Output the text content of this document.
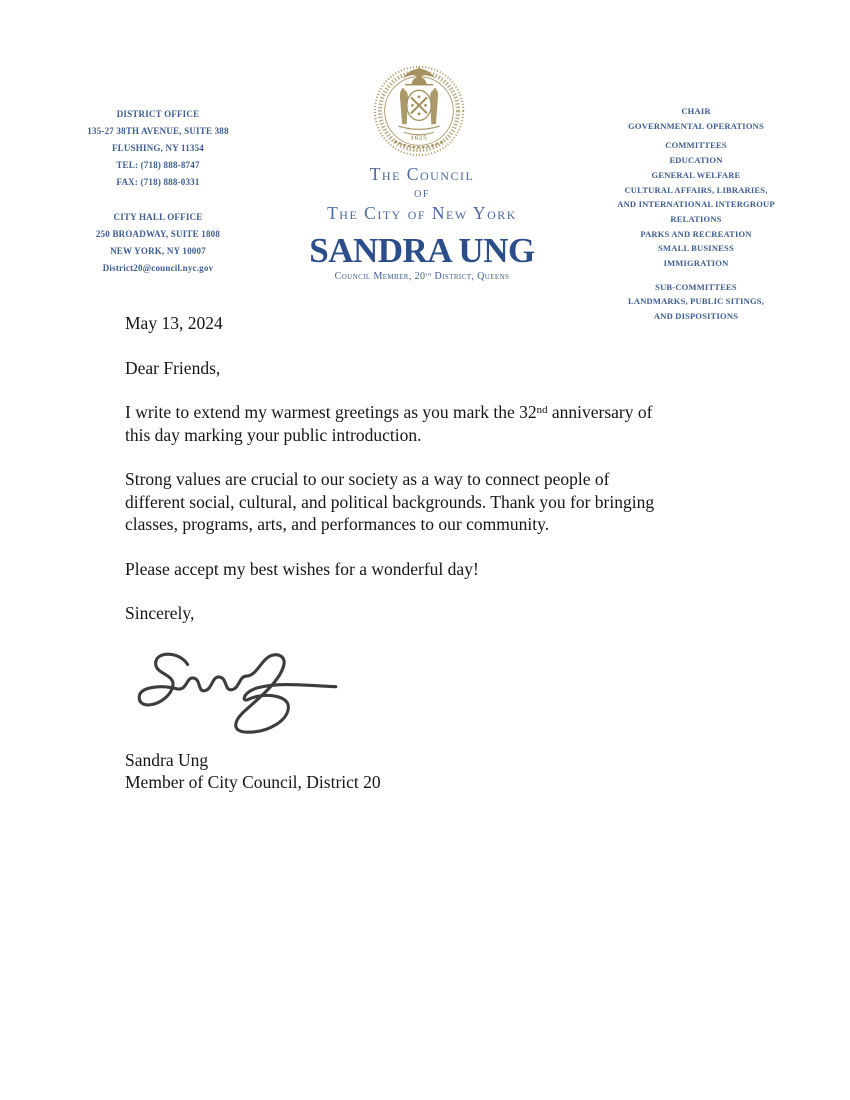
DISTRICT OFFICE
135-27 38TH AVENUE, SUITE 388
FLUSHING, NY 11354
TEL: (718) 888-8747
FAX: (718) 888-0331
CITY HALL OFFICE
250 BROADWAY, SUITE 1808
NEW YORK, NY 10007
District20@council.nyc.gov
1625
The Council
of
The City of New York
SANDRA UNG
Council Member, 20th District, Queens
CHAIR
GOVERNMENTAL OPERATIONS
COMMITTEES
EDUCATION
GENERAL WELFARE
CULTURAL AFFAIRS, LIBRARIES,
AND INTERNATIONAL INTERGROUP RELATIONS
PARKS AND RECREATION
SMALL BUSINESS
IMMIGRATION
SUB-COMMITTEES
LANDMARKS, PUBLIC SITINGS,
AND DISPOSITIONS

May 13, 2024

Dear Friends,

I write to extend my warmest greetings as you mark the 32nd anniversary of
this day marking your public introduction.

Strong values are crucial to our society as a way to connect people of
different social, cultural, and political backgrounds. Thank you for bringing
classes, programs, arts, and performances to our community.

Please accept my best wishes for a wonderful day!

Sincerely,

Sandra Ung
Member of City Council, District 20
